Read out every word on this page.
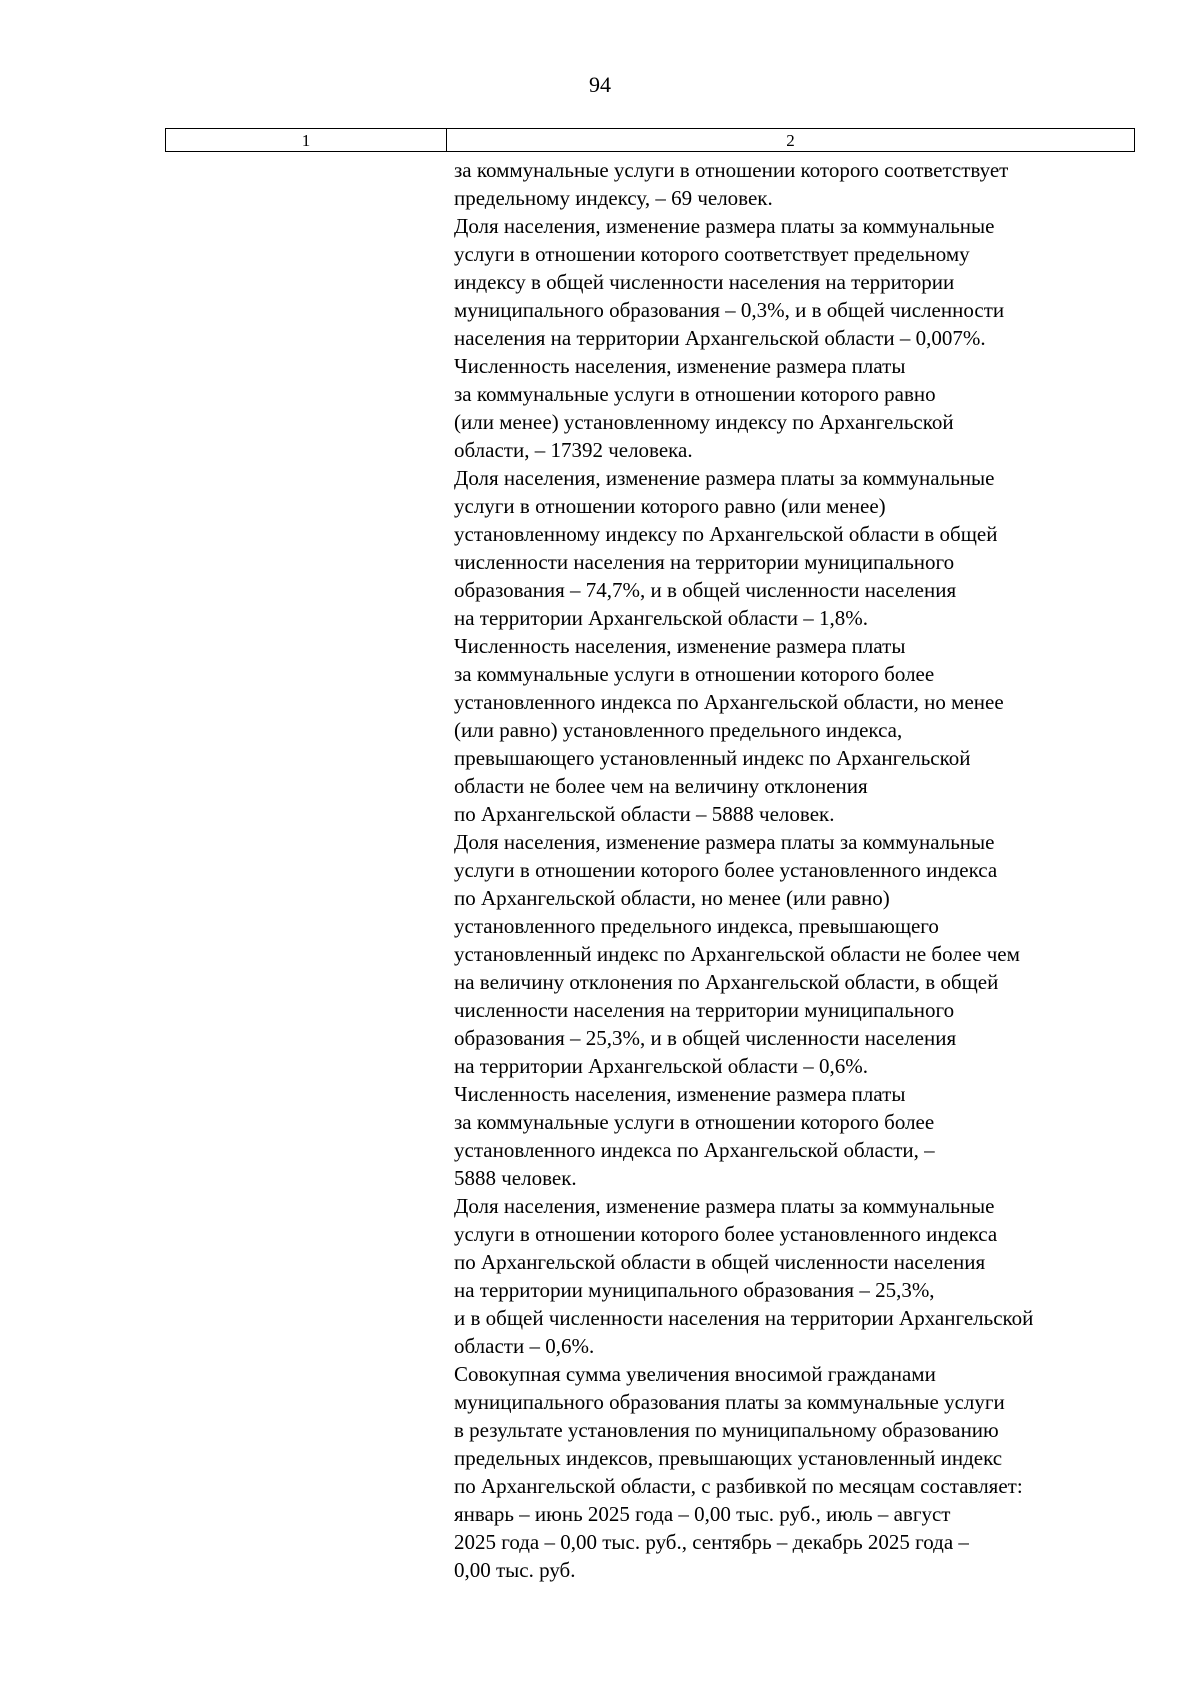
94
1	2
за коммунальные услуги в отношении которого соответствует
предельному индексу, – 69 человек.
Доля населения, изменение размера платы за коммунальные
услуги в отношении которого соответствует предельному
индексу в общей численности населения на территории
муниципального образования – 0,3%, и в общей численности
населения на территории Архангельской области – 0,007%.
Численность населения, изменение размера платы
за коммунальные услуги в отношении которого равно
(или менее) установленному индексу по Архангельской
области, – 17392 человека.
Доля населения, изменение размера платы за коммунальные
услуги в отношении которого равно (или менее)
установленному индексу по Архангельской области в общей
численности населения на территории муниципального
образования – 74,7%, и в общей численности населения
на территории Архангельской области – 1,8%.
Численность населения, изменение размера платы
за коммунальные услуги в отношении которого более
установленного индекса по Архангельской области, но менее
(или равно) установленного предельного индекса,
превышающего установленный индекс по Архангельской
области не более чем на величину отклонения
по Архангельской области – 5888 человек.
Доля населения, изменение размера платы за коммунальные
услуги в отношении которого более установленного индекса
по Архангельской области, но менее (или равно)
установленного предельного индекса, превышающего
установленный индекс по Архангельской области не более чем
на величину отклонения по Архангельской области, в общей
численности населения на территории муниципального
образования – 25,3%, и в общей численности населения
на территории Архангельской области – 0,6%.
Численность населения, изменение размера платы
за коммунальные услуги в отношении которого более
установленного индекса по Архангельской области, –
5888 человек.
Доля населения, изменение размера платы за коммунальные
услуги в отношении которого более установленного индекса
по Архангельской области в общей численности населения
на территории муниципального образования – 25,3%,
и в общей численности населения на территории Архангельской
области – 0,6%.
Совокупная сумма увеличения вносимой гражданами
муниципального образования платы за коммунальные услуги
в результате установления по муниципальному образованию
предельных индексов, превышающих установленный индекс
по Архангельской области, с разбивкой по месяцам составляет:
январь – июнь 2025 года – 0,00 тыс. руб., июль – август
2025 года – 0,00 тыс. руб., сентябрь – декабрь 2025 года –
0,00 тыс. руб.
